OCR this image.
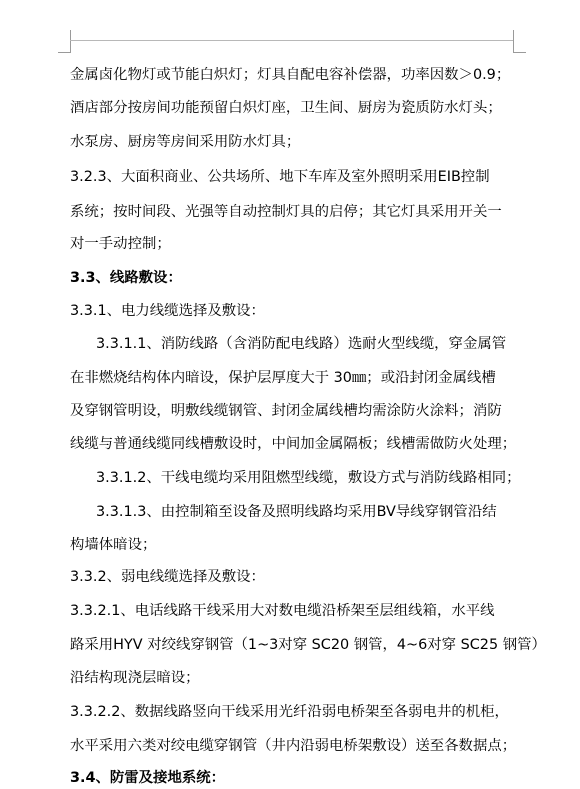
金属卤化物灯或节能白炽灯；灯具自配电容补偿器，功率因数＞0.9；
酒店部分按房间功能预留白炽灯座，卫生间、厨房为瓷质防水灯头；
水泵房、厨房等房间采用防水灯具；
3.2.3、大面积商业、公共场所、地下车库及室外照明采用EIB控制
系统；按时间段、光强等自动控制灯具的启停；其它灯具采用开关一
对一手动控制；
3.3、线路敷设：
3.3.1、电力线缆选择及敷设：
3.3.1.1、消防线路（含消防配电线路）选耐火型线缆，穿金属管
在非燃烧结构体内暗设，保护层厚度大于 30㎜；或沿封闭金属线槽
及穿钢管明设，明敷线缆钢管、封闭金属线槽均需涂防火涂料；消防
线缆与普通线缆同线槽敷设时，中间加金属隔板；线槽需做防火处理；
3.3.1.2、干线电缆均采用阻燃型线缆，敷设方式与消防线路相同；
3.3.1.3、由控制箱至设备及照明线路均采用BV导线穿钢管沿结
构墙体暗设；
3.3.2、弱电线缆选择及敷设：
3.3.2.1、电话线路干线采用大对数电缆沿桥架至层组线箱，水平线
路采用HYV 对绞线穿钢管（1~3对穿 SC20 钢管，4~6对穿 SC25 钢管）
沿结构现浇层暗设；
3.3.2.2、数据线路竖向干线采用光纤沿弱电桥架至各弱电井的机柜，
水平采用六类对绞电缆穿钢管（井内沿弱电桥架敷设）送至各数据点；
3.4、防雷及接地系统：
